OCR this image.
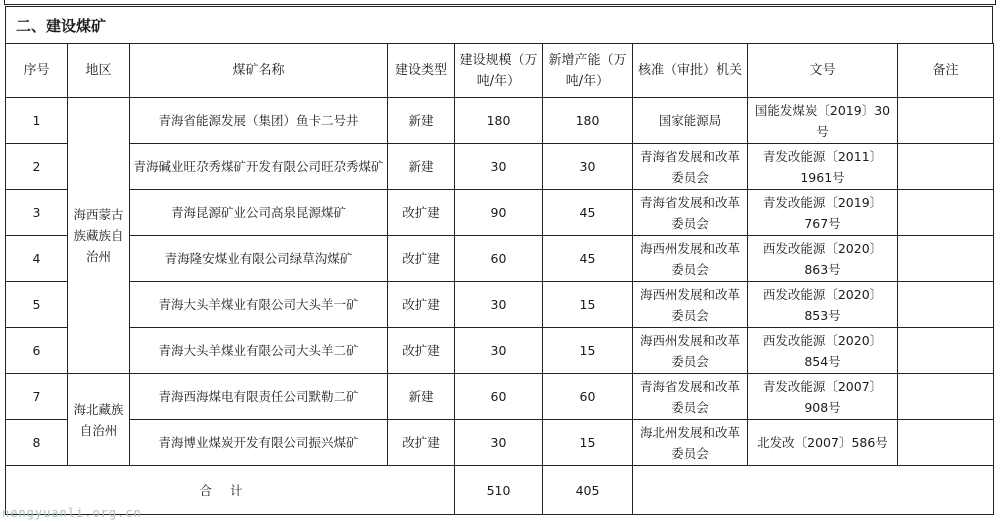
二、建设煤矿
序号	地区	煤矿名称	建设类型	建设规模（万吨/年）	新增产能（万吨/年）	核准（审批）机关	文号	备注
1	海西蒙古族藏族自治州	青海省能源发展（集团）鱼卡二号井	新建	180	180	国家能源局	国能发煤炭〔2019〕30号	
2		青海碱业旺尕秀煤矿开发有限公司旺尕秀煤矿	新建	30	30	青海省发展和改革委员会	青发改能源〔2011〕1961号	
3		青海昆源矿业公司高泉昆源煤矿	改扩建	90	45	青海省发展和改革委员会	青发改能源〔2019〕767号	
4		青海隆安煤业有限公司绿草沟煤矿	改扩建	60	45	海西州发展和改革委员会	西发改能源〔2020〕863号	
5		青海大头羊煤业有限公司大头羊一矿	改扩建	30	15	海西州发展和改革委员会	西发改能源〔2020〕853号	
6		青海大头羊煤业有限公司大头羊二矿	改扩建	30	15	海西州发展和改革委员会	西发改能源〔2020〕854号	
7	海北藏族自治州	青海西海煤电有限责任公司默勒二矿	新建	60	60	青海省发展和改革委员会	青发改能源〔2007〕908号	
8		青海博业煤炭开发有限公司振兴煤矿	改扩建	30	15	海北州发展和改革委员会	北发改〔2007〕586号	
合计				510	405			
nengyuanli.org.cn
